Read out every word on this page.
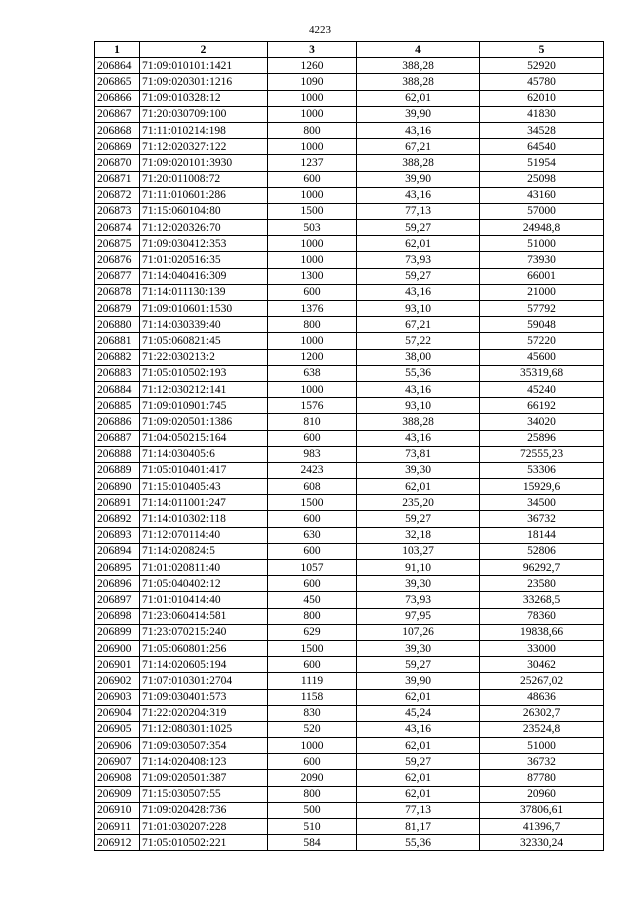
4223
1	2	3	4	5
206864	71:09:010101:1421	1260	388,28	52920
206865	71:09:020301:1216	1090	388,28	45780
206866	71:09:010328:12	1000	62,01	62010
206867	71:20:030709:100	1000	39,90	41830
206868	71:11:010214:198	800	43,16	34528
206869	71:12:020327:122	1000	67,21	64540
206870	71:09:020101:3930	1237	388,28	51954
206871	71:20:011008:72	600	39,90	25098
206872	71:11:010601:286	1000	43,16	43160
206873	71:15:060104:80	1500	77,13	57000
206874	71:12:020326:70	503	59,27	24948,8
206875	71:09:030412:353	1000	62,01	51000
206876	71:01:020516:35	1000	73,93	73930
206877	71:14:040416:309	1300	59,27	66001
206878	71:14:011130:139	600	43,16	21000
206879	71:09:010601:1530	1376	93,10	57792
206880	71:14:030339:40	800	67,21	59048
206881	71:05:060821:45	1000	57,22	57220
206882	71:22:030213:2	1200	38,00	45600
206883	71:05:010502:193	638	55,36	35319,68
206884	71:12:030212:141	1000	43,16	45240
206885	71:09:010901:745	1576	93,10	66192
206886	71:09:020501:1386	810	388,28	34020
206887	71:04:050215:164	600	43,16	25896
206888	71:14:030405:6	983	73,81	72555,23
206889	71:05:010401:417	2423	39,30	53306
206890	71:15:010405:43	608	62,01	15929,6
206891	71:14:011001:247	1500	235,20	34500
206892	71:14:010302:118	600	59,27	36732
206893	71:12:070114:40	630	32,18	18144
206894	71:14:020824:5	600	103,27	52806
206895	71:01:020811:40	1057	91,10	96292,7
206896	71:05:040402:12	600	39,30	23580
206897	71:01:010414:40	450	73,93	33268,5
206898	71:23:060414:581	800	97,95	78360
206899	71:23:070215:240	629	107,26	19838,66
206900	71:05:060801:256	1500	39,30	33000
206901	71:14:020605:194	600	59,27	30462
206902	71:07:010301:2704	1119	39,90	25267,02
206903	71:09:030401:573	1158	62,01	48636
206904	71:22:020204:319	830	45,24	26302,7
206905	71:12:080301:1025	520	43,16	23524,8
206906	71:09:030507:354	1000	62,01	51000
206907	71:14:020408:123	600	59,27	36732
206908	71:09:020501:387	2090	62,01	87780
206909	71:15:030507:55	800	62,01	20960
206910	71:09:020428:736	500	77,13	37806,61
206911	71:01:030207:228	510	81,17	41396,7
206912	71:05:010502:221	584	55,36	32330,24
